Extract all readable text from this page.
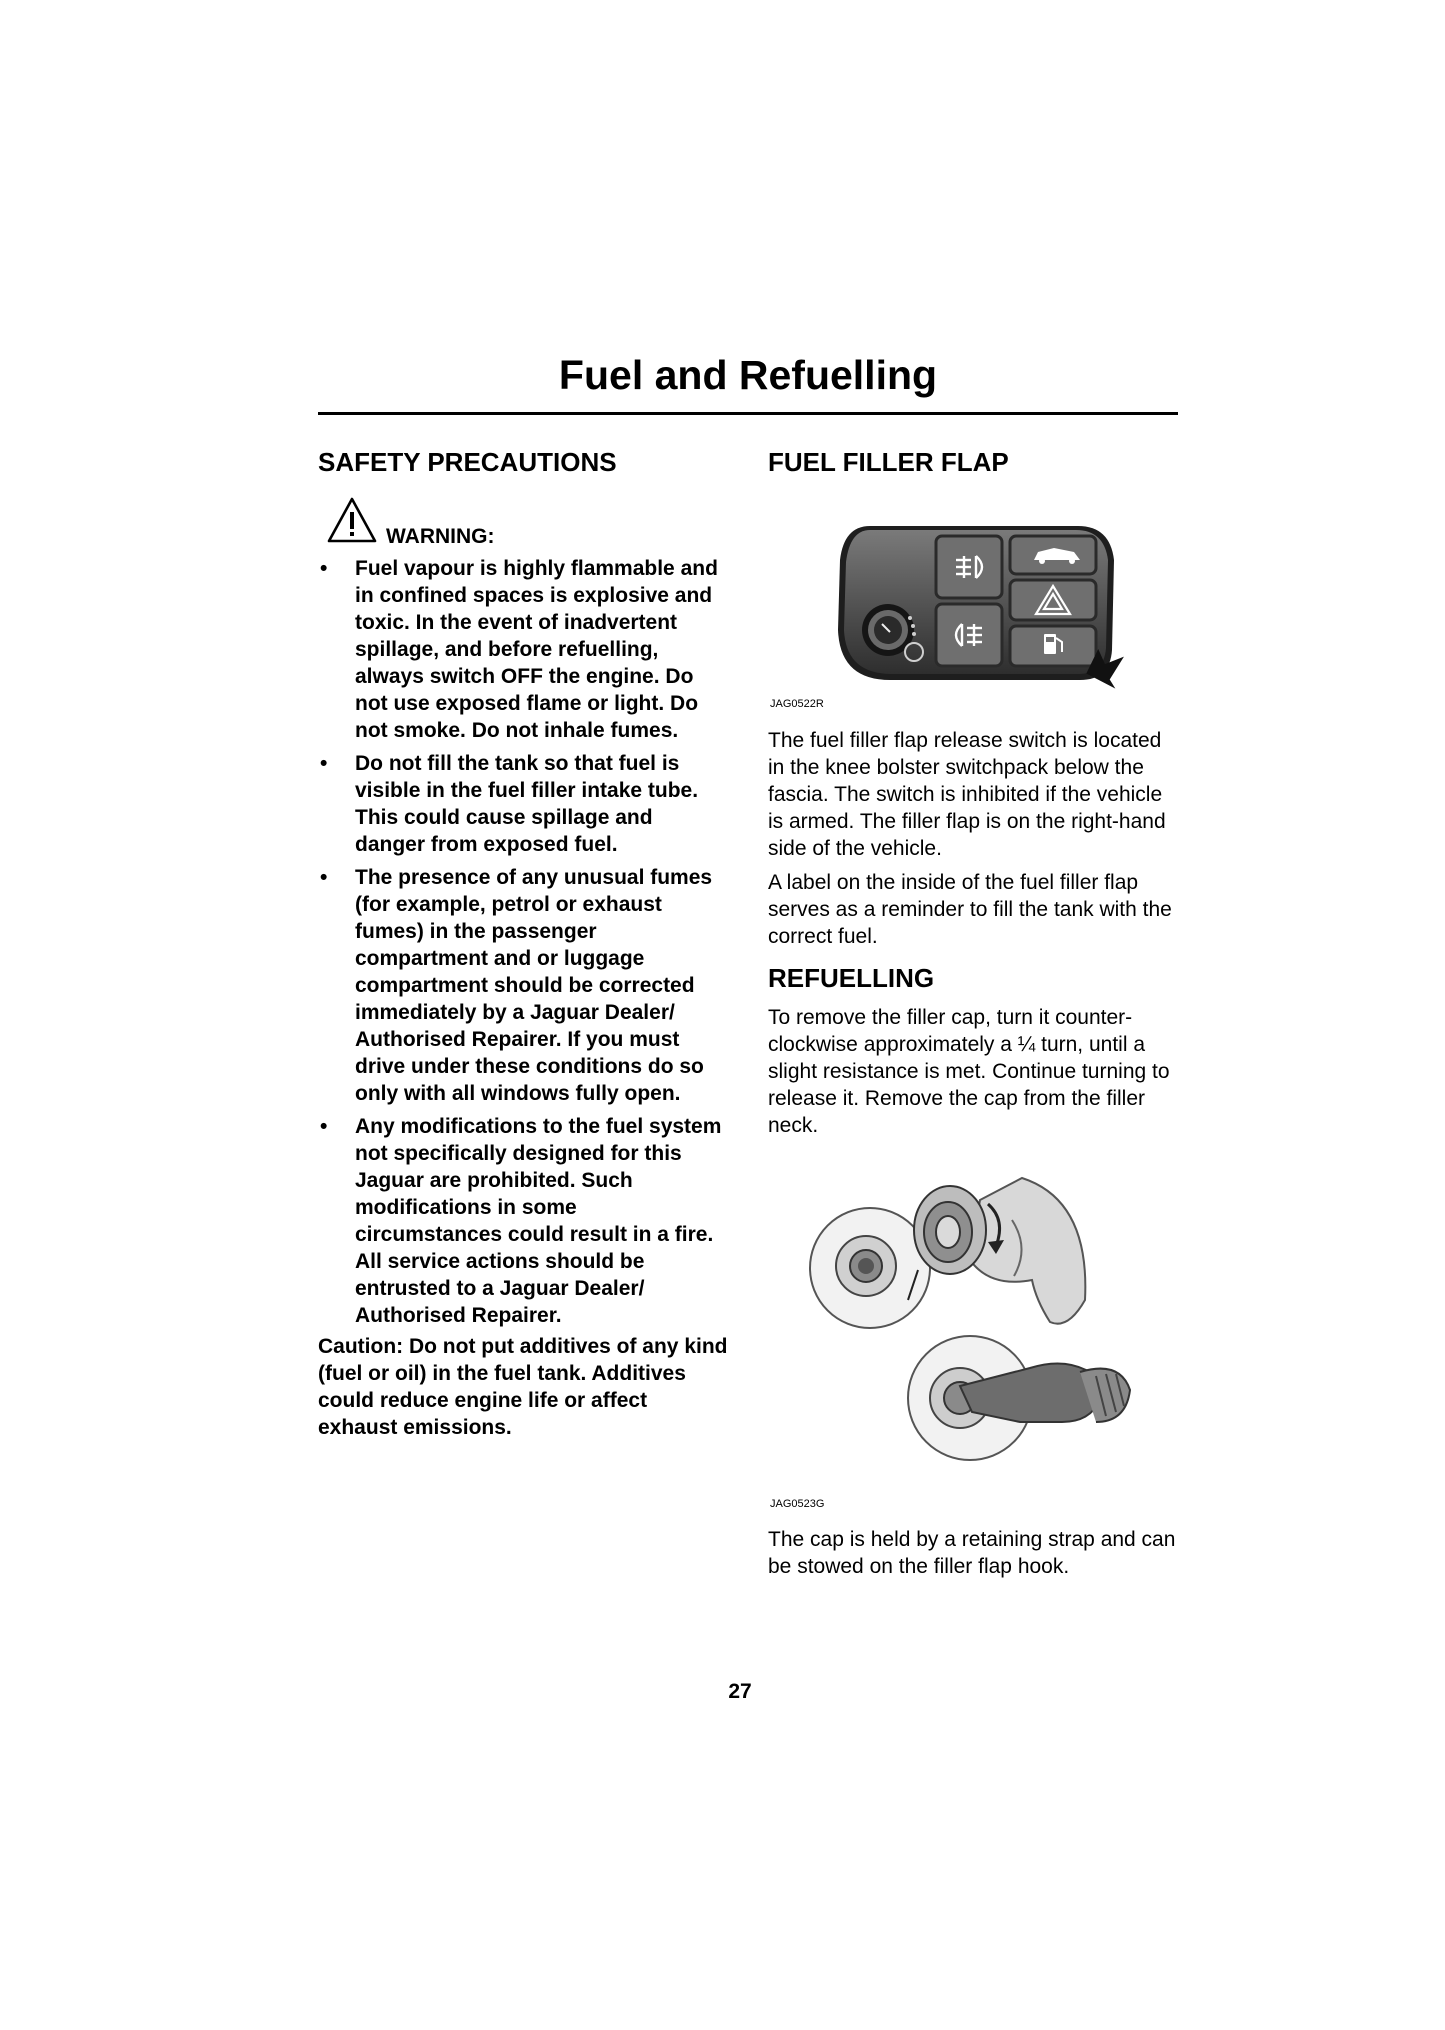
Fuel and Refuelling
SAFETY PRECAUTIONS
WARNING:
• Fuel vapour is highly flammable and in confined spaces is explosive and toxic. In the event of inadvertent spillage, and before refuelling, always switch OFF the engine. Do not use exposed flame or light. Do not smoke. Do not inhale fumes.
• Do not fill the tank so that fuel is visible in the fuel filler intake tube. This could cause spillage and danger from exposed fuel.
• The presence of any unusual fumes (for example, petrol or exhaust fumes) in the passenger compartment and or luggage compartment should be corrected immediately by a Jaguar Dealer/ Authorised Repairer. If you must drive under these conditions do so only with all windows fully open.
• Any modifications to the fuel system not specifically designed for this Jaguar are prohibited. Such modifications in some circumstances could result in a fire. All service actions should be entrusted to a Jaguar Dealer/ Authorised Repairer.

Caution: Do not put additives of any kind (fuel or oil) in the fuel tank. Additives could reduce engine life or affect exhaust emissions.

FUEL FILLER FLAP
JAG0522R

The fuel filler flap release switch is located in the knee bolster switchpack below the fascia. The switch is inhibited if the vehicle is armed. The filler flap is on the right-hand side of the vehicle.

A label on the inside of the fuel filler flap serves as a reminder to fill the tank with the correct fuel.

REFUELLING

To remove the filler cap, turn it counter-clockwise approximately a ¼ turn, until a slight resistance is met. Continue turning to release it. Remove the cap from the filler neck.

JAG0523G

The cap is held by a retaining strap and can be stowed on the filler flap hook.

27
